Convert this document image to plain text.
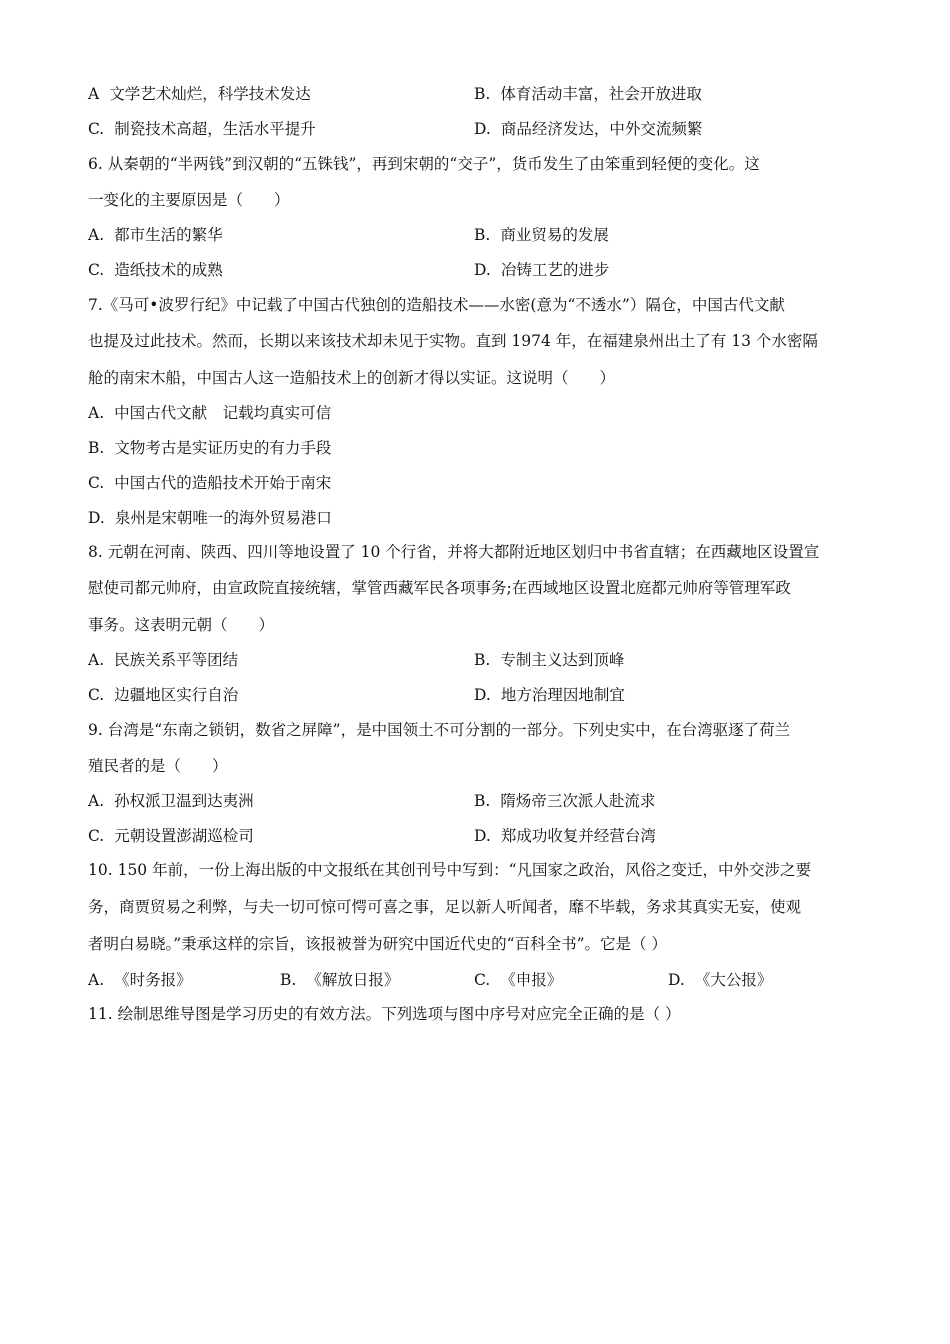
A 文学艺术灿烂，科学技术发达	B. 体育活动丰富，社会开放进取
C. 制瓷技术高超，生活水平提升	D. 商品经济发达，中外交流频繁
6. 从秦朝的“半两钱”到汉朝的“五铢钱”，再到宋朝的“交子”，货币发生了由笨重到轻便的变化。这
一变化的主要原因是（　　）
A. 都市生活的繁华	B. 商业贸易的发展
C. 造纸技术的成熟	D. 冶铸工艺的进步
7.《马可•波罗行纪》中记载了中国古代独创的造船技术——水密(意为“不透水”）隔仓，中国古代文献
也提及过此技术。然而，长期以来该技术却未见于实物。直到 1974 年，在福建泉州出土了有 13 个水密隔
舱的南宋木船，中国古人这一造船技术上的创新才得以实证。这说明（　　）
A. 中国古代文献　记载均真实可信
B. 文物考古是实证历史的有力手段
C. 中国古代的造船技术开始于南宋
D. 泉州是宋朝唯一的海外贸易港口
8. 元朝在河南、陕西、四川等地设置了 10 个行省，并将大都附近地区划归中书省直辖；在西藏地区设置宣
慰使司都元帅府，由宣政院直接统辖，掌管西藏军民各项事务;在西域地区设置北庭都元帅府等管理军政
事务。这表明元朝（　　）
A. 民族关系平等团结	B. 专制主义达到顶峰
C. 边疆地区实行自治	D. 地方治理因地制宜
9. 台湾是“东南之锁钥，数省之屏障”，是中国领土不可分割的一部分。下列史实中，在台湾驱逐了荷兰
殖民者的是（　　）
A. 孙权派卫温到达夷洲	B. 隋炀帝三次派人赴流求
C. 元朝设置澎湖巡检司	D. 郑成功收复并经营台湾
10. 150 年前，一份上海出版的中文报纸在其创刊号中写到：“凡国家之政治，风俗之变迁，中外交涉之要
务，商贾贸易之利弊，与夫一切可惊可愕可喜之事，足以新人听闻者，靡不毕载，务求其真实无妄，使观
者明白易晓。”秉承这样的宗旨，该报被誉为研究中国近代史的“百科全书”。它是（ ）
A. 《时务报》	B. 《解放日报》	C. 《申报》	D. 《大公报》
11. 绘制思维导图是学习历史的有效方法。下列选项与图中序号对应完全正确的是（ ）
